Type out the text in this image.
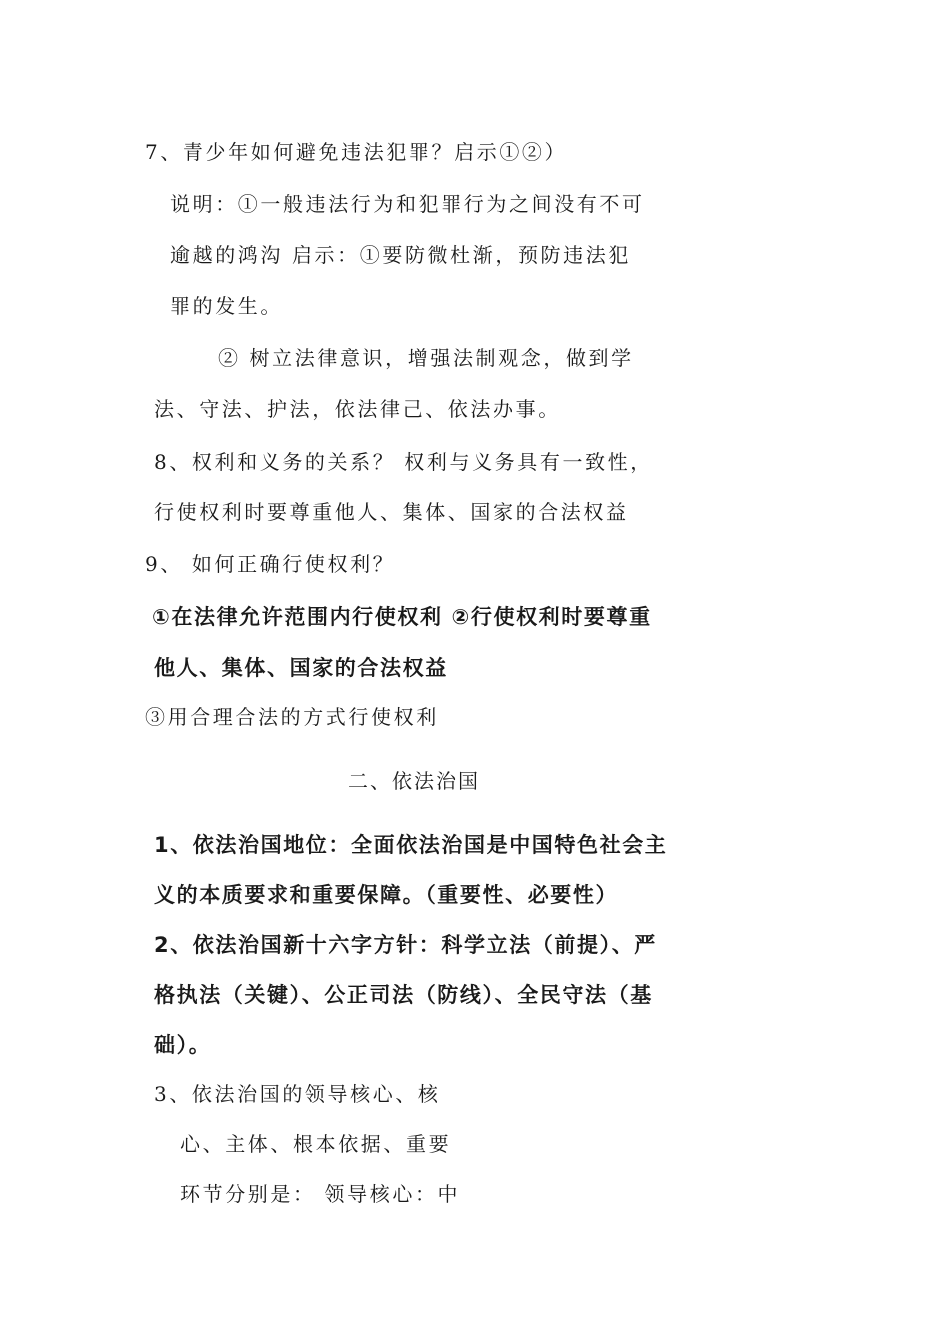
7、青少年如何避免违法犯罪？启示①②）
说明：①一般违法行为和犯罪行为之间没有不可
逾越的鸿沟 启示：①要防微杜渐，预防违法犯
罪的发生。
② 树立法律意识，增强法制观念，做到学
法、守法、护法，依法律己、依法办事。
8、权利和义务的关系？ 权利与义务具有一致性，
行使权利时要尊重他人、集体、国家的合法权益
9、 如何正确行使权利？
①在法律允许范围内行使权利 ②行使权利时要尊重
他人、集体、国家的合法权益
③用合理合法的方式行使权利
二、依法治国
1、依法治国地位：全面依法治国是中国特色社会主
义的本质要求和重要保障。（重要性、必要性）
2、依法治国新十六字方针：科学立法（前提）、严
格执法（关键）、公正司法（防线）、全民守法（基
础）。
3、依法治国的领导核心、核
心、主体、根本依据、重要
环节分别是： 领导核心：中
